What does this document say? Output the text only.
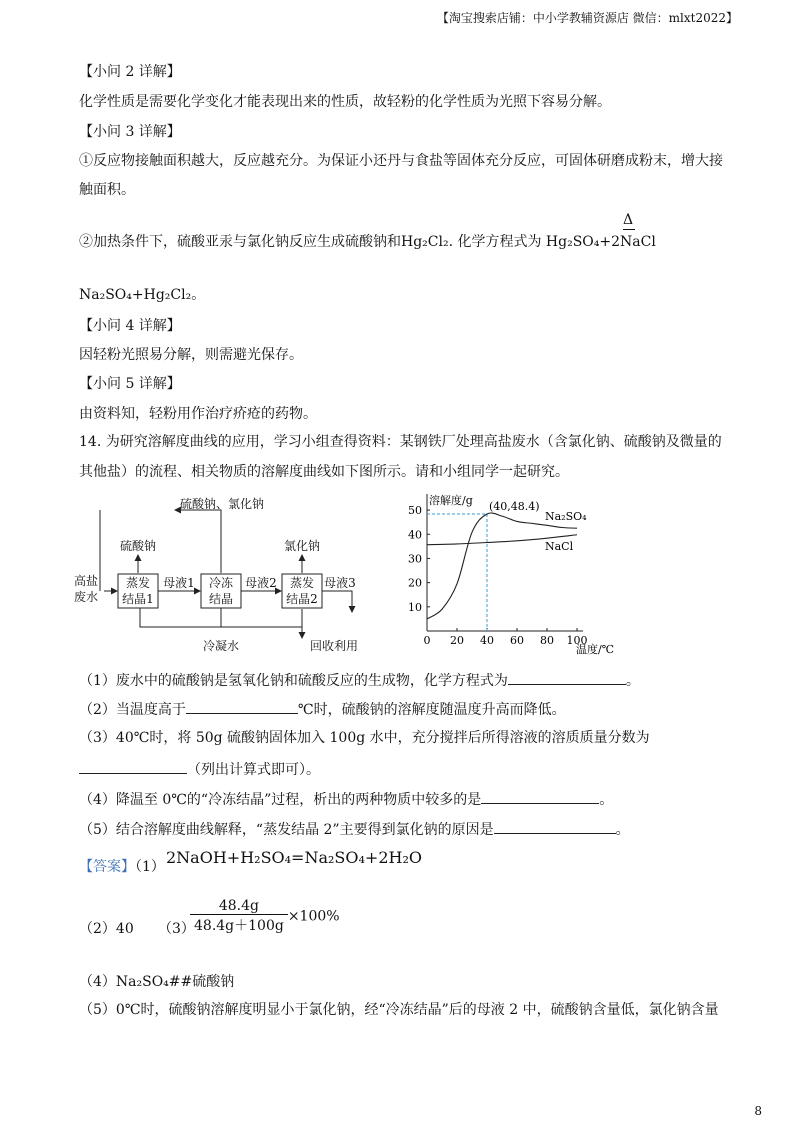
【淘宝搜索店铺：中小学教辅资源店 微信：mlxt2022】
【小问 2 详解】
化学性质是需要化学变化才能表现出来的性质，故轻粉的化学性质为光照下容易分解。
【小问 3 详解】
①反应物接触面积越大，反应越充分。为保证小还丹与食盐等固体充分反应，可固体研磨成粉末，增大接
触面积。
②加热条件下，硫酸亚汞与氯化钠反应生成硫酸钠和Hg₂Cl₂. 化学方程式为 Hg₂SO₄+2NaCl
Δ
Na₂SO₄+Hg₂Cl₂。
【小问 4 详解】
因轻粉光照易分解，则需避光保存。
【小问 5 详解】
由资料知，轻粉用作治疗疥疮的药物。
14. 为研究溶解度曲线的应用，学习小组查得资料：某钢铁厂处理高盐废水（含氯化钠、硫酸钠及微量的
其他盐）的流程、相关物质的溶解度曲线如下图所示。请和小组同学一起研究。
硫酸钠、氯化钠
硫酸钠	氯化钠
蒸发
结晶1
冷冻
结晶
蒸发
结晶2
高盐
废水
母液1	母液2	母液3
冷凝水	回收利用	0 20 40 60 80 100
10
20
30
40
50	Na₂SO₄
NaCl
溶解度/g
温度/℃
(40,48.4)
（1）废水中的硫酸钠是氢氧化钠和硫酸反应的生成物，化学方程式为	。
（2）当温度高于	℃时，硫酸钠的溶解度随温度升高而降低。
（3）40℃时，将 50g 硫酸钠固体加入 100g 水中，充分搅拌后所得溶液的溶质质量分数为
（列出计算式即可）。
（4）降温至 0℃的“冷冻结晶”过程，析出的两种物质中较多的是	。
（5）结合溶解度曲线解释，“蒸发结晶 2”主要得到氯化钠的原因是	。
【答案】（1） 2NaOH+H₂SO₄=Na₂SO₄+2H₂O
（2）40 （3）
$\frac{48.4g}{48.4g+100g} \times 100\%$
（4）Na₂SO₄##硫酸钠
（5）0℃时，硫酸钠溶解度明显小于氯化钠，经“冷冻结晶”后的母液 2 中，硫酸钠含量低，氯化钠含量
8
